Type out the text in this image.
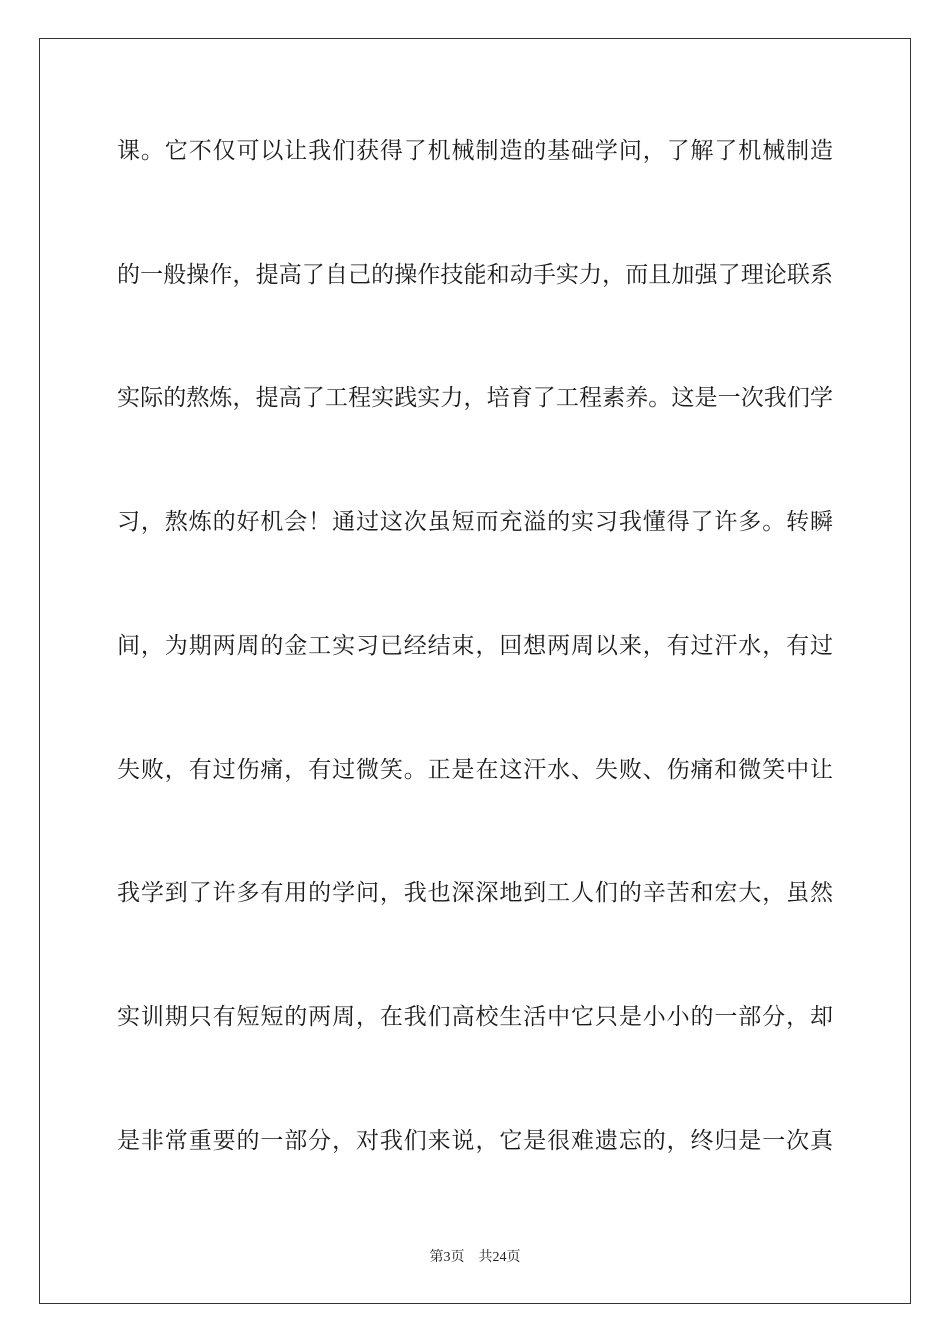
课。它不仅可以让我们获得了机械制造的基础学问，了解了机械制造
的一般操作，提高了自己的操作技能和动手实力，而且加强了理论联系
实际的熬炼，提高了工程实践实力，培育了工程素养。这是一次我们学
习，熬炼的好机会！通过这次虽短而充溢的实习我懂得了许多。转瞬
间，为期两周的金工实习已经结束，回想两周以来，有过汗水，有过
失败，有过伤痛，有过微笑。正是在这汗水、失败、伤痛和微笑中让
我学到了许多有用的学问，我也深深地到工人们的辛苦和宏大，虽然
实训期只有短短的两周，在我们高校生活中它只是小小的一部分，却
是非常重要的一部分，对我们来说，它是很难遗忘的，终归是一次真
第3页 共24页
